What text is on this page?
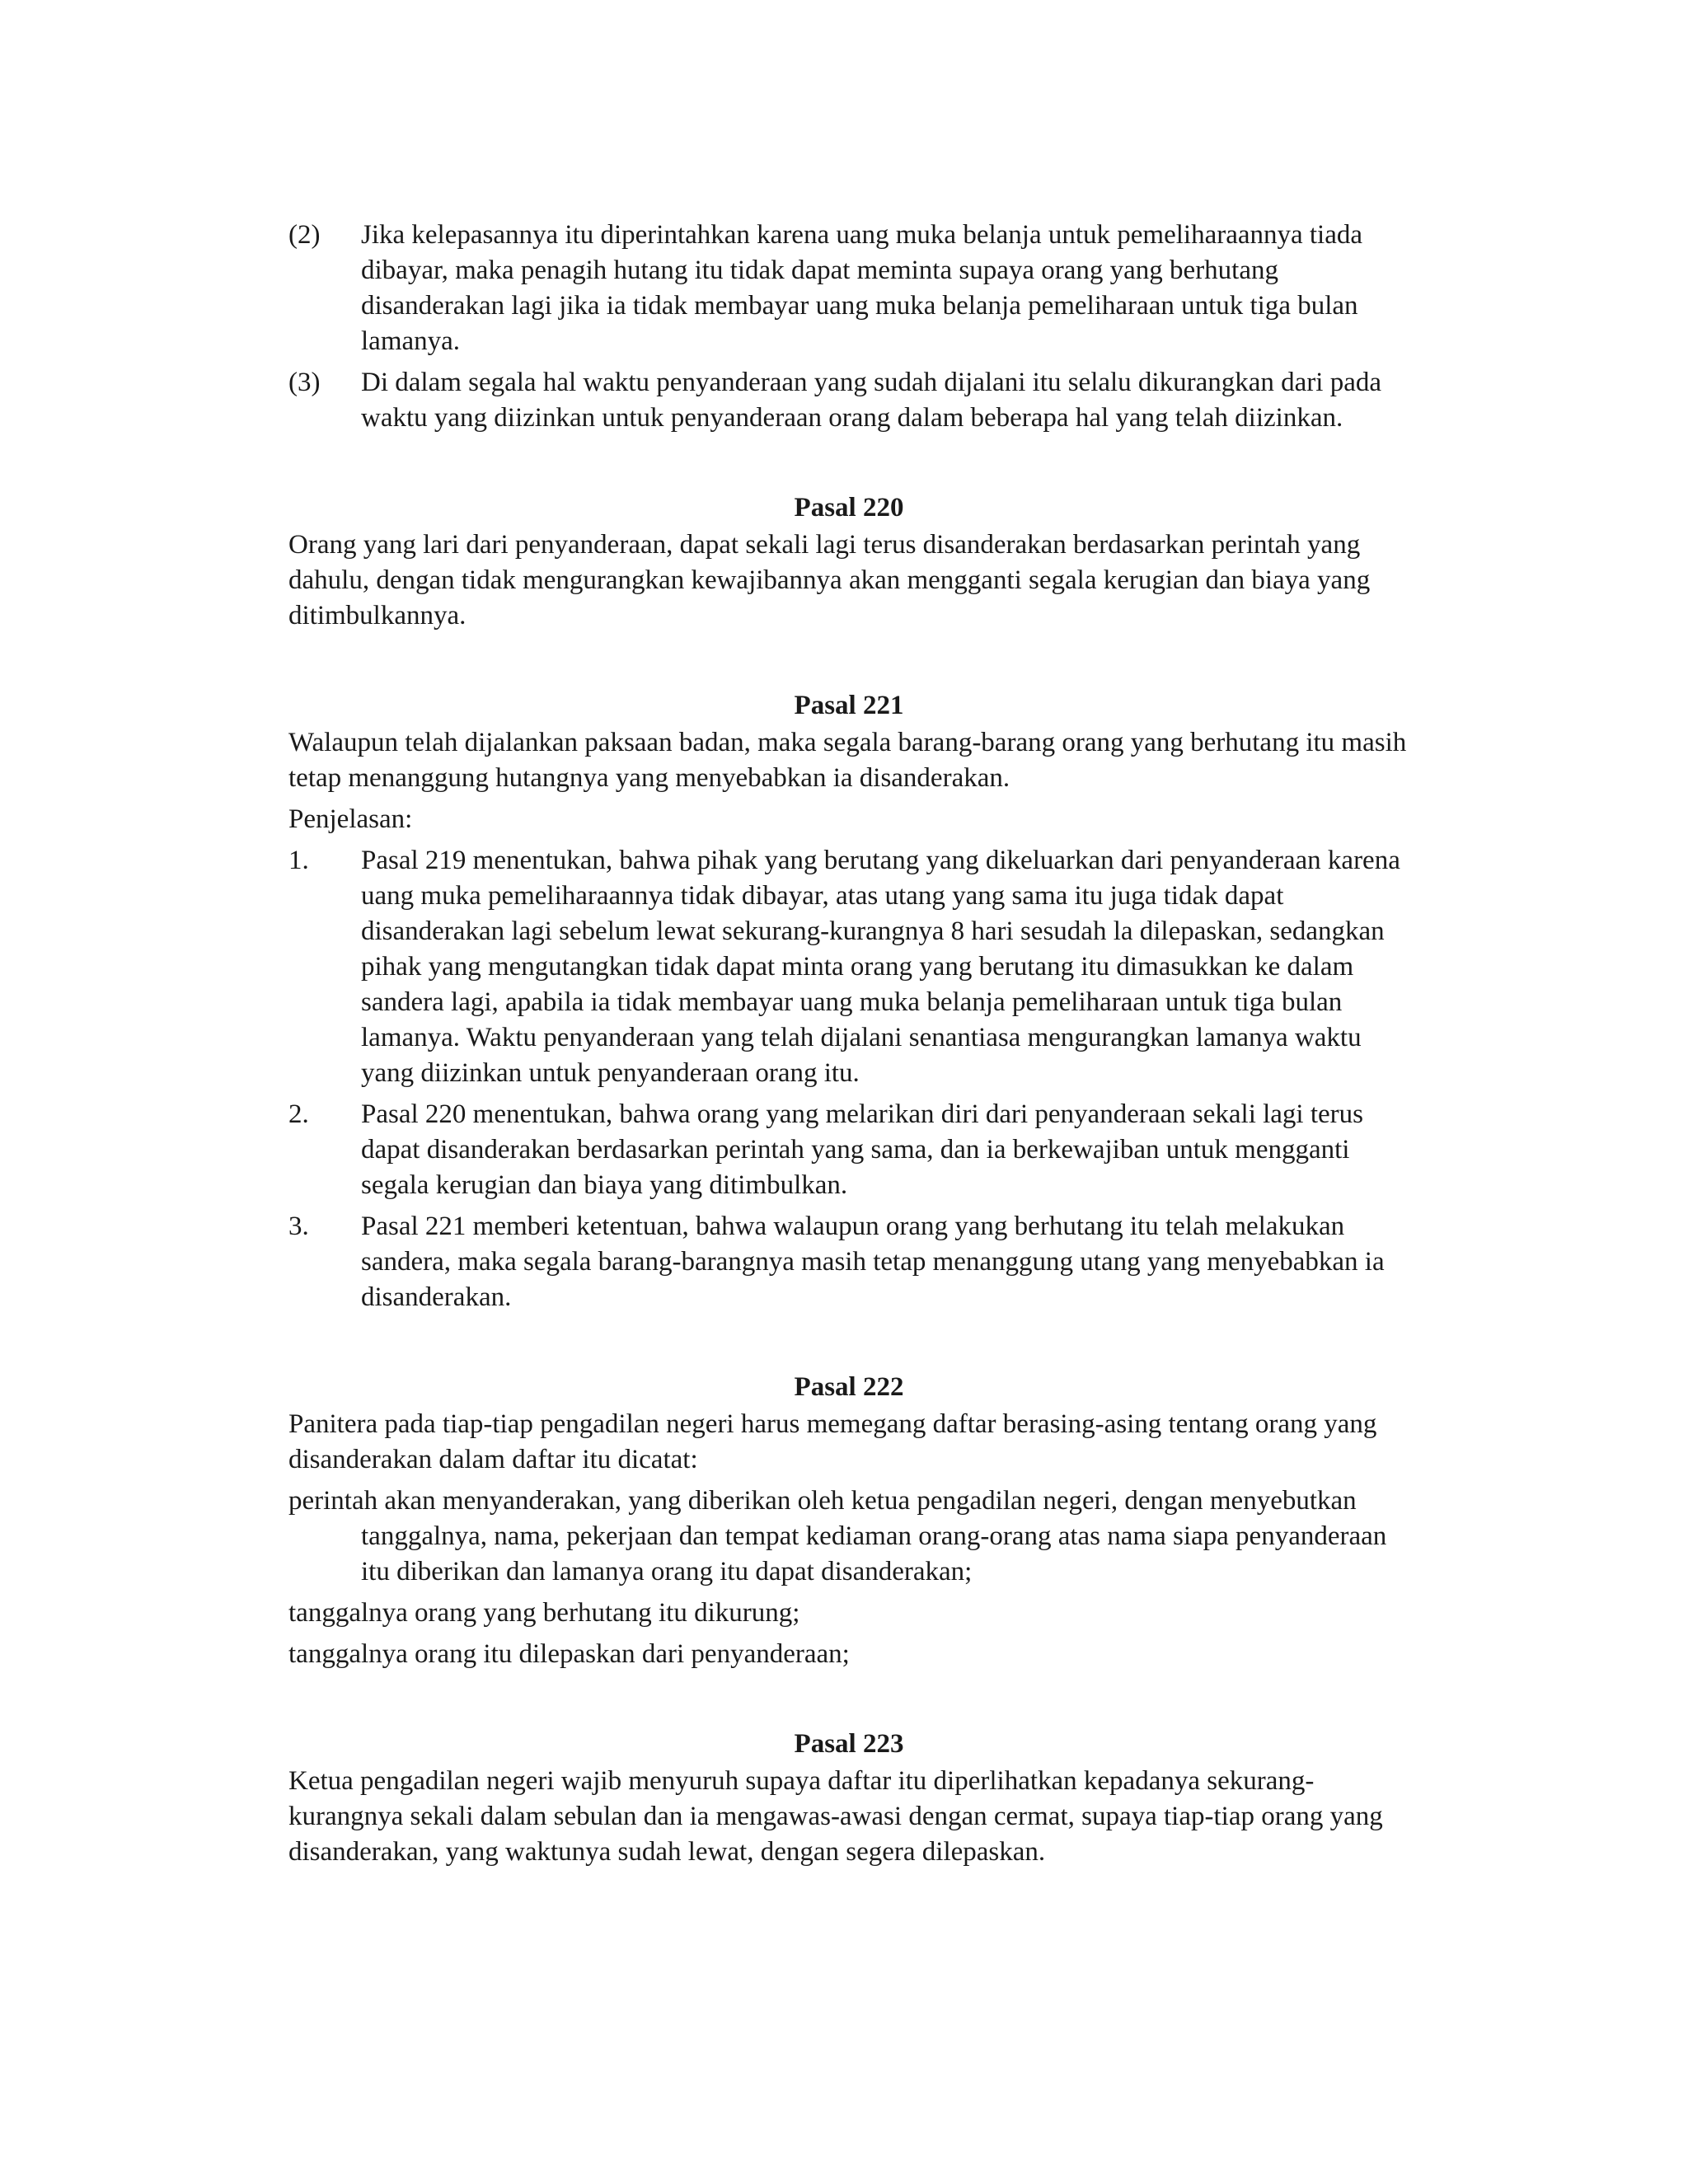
(2)	Jika kelepasannya itu diperintahkan karena uang muka belanja untuk pemeliharaannya tiada dibayar, maka penagih hutang itu tidak dapat meminta supaya orang yang berhutang disanderakan lagi jika ia tidak membayar uang muka belanja pemeliharaan untuk tiga bulan lamanya.
(3)	Di dalam segala hal waktu penyanderaan yang sudah dijalani itu selalu dikurangkan dari pada waktu yang diizinkan untuk penyanderaan orang dalam beberapa hal yang telah diizinkan.
Pasal 220
Orang yang lari dari penyanderaan, dapat sekali lagi terus disanderakan berdasarkan perintah yang dahulu, dengan tidak mengurangkan kewajibannya akan mengganti segala kerugian dan biaya yang ditimbulkannya.
Pasal 221
Walaupun telah dijalankan paksaan badan, maka segala barang-barang orang yang berhutang itu masih tetap menanggung hutangnya yang menyebabkan ia disanderakan.
Penjelasan:
1.	Pasal 219 menentukan, bahwa pihak yang berutang yang dikeluarkan dari penyanderaan karena uang muka pemeliharaannya tidak dibayar, atas utang yang sama itu juga tidak dapat disanderakan lagi sebelum lewat sekurang-kurangnya 8 hari sesudah la dilepaskan, sedangkan pihak yang mengutangkan tidak dapat minta orang yang berutang itu dimasukkan ke dalam sandera lagi, apabila ia tidak membayar uang muka belanja pemeliharaan untuk tiga bulan lamanya. Waktu penyanderaan yang telah dijalani senantiasa mengurangkan lamanya waktu yang diizinkan untuk penyanderaan orang itu.
2.	Pasal 220 menentukan, bahwa orang yang melarikan diri dari penyanderaan sekali lagi terus dapat disanderakan berdasarkan perintah yang sama, dan ia berkewajiban untuk mengganti segala kerugian dan biaya yang ditimbulkan.
3.	Pasal 221 memberi ketentuan, bahwa walaupun orang yang berhutang itu telah melakukan sandera, maka segala barang-barangnya masih tetap menanggung utang yang menyebabkan ia disanderakan.
Pasal 222
Panitera pada tiap-tiap pengadilan negeri harus memegang daftar berasing-asing tentang orang yang disanderakan dalam daftar itu dicatat:
perintah akan menyanderakan, yang diberikan oleh ketua pengadilan negeri, dengan menyebutkan tanggalnya, nama, pekerjaan dan tempat kediaman orang-orang atas nama siapa penyanderaan itu diberikan dan lamanya orang itu dapat disanderakan;
tanggalnya orang yang berhutang itu dikurung;
tanggalnya orang itu dilepaskan dari penyanderaan;
Pasal 223
Ketua pengadilan negeri wajib menyuruh supaya daftar itu diperlihatkan kepadanya sekurang-kurangnya sekali dalam sebulan dan ia mengawas-awasi dengan cermat, supaya tiap-tiap orang yang disanderakan, yang waktunya sudah lewat, dengan segera dilepaskan.
